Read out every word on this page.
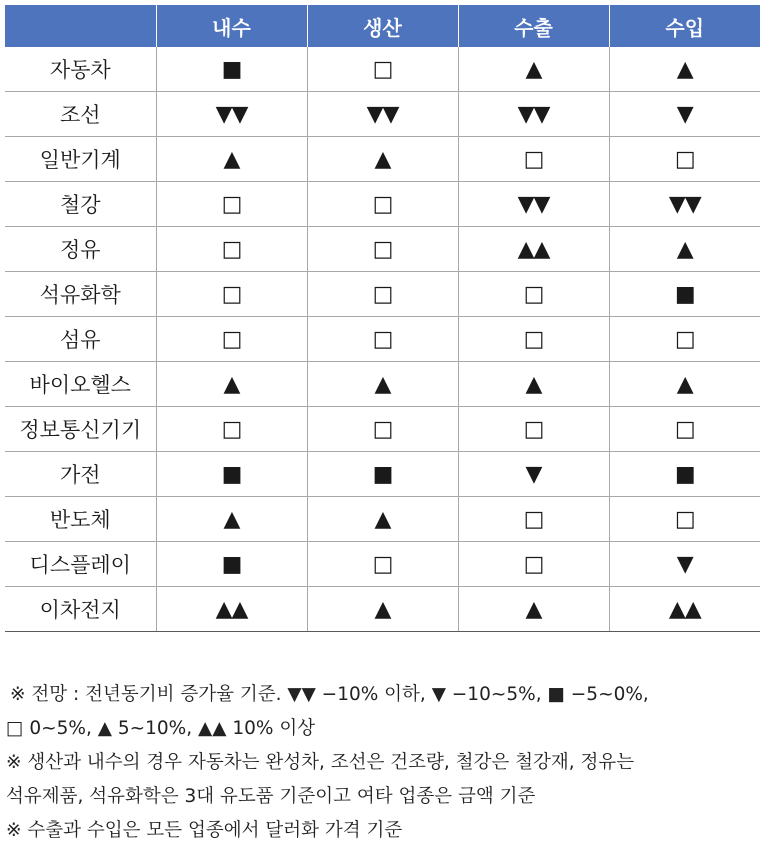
	내수	생산	수출	수입
자동차	■	□	▲	▲
조선	▼▼	▼▼	▼▼	▼
일반기계	▲	▲	□	□
철강	□	□	▼▼	▼▼
정유	□	□	▲▲	▲
석유화학	□	□	□	■
섬유	□	□	□	□
바이오헬스	▲	▲	▲	▲
정보통신기기	□	□	□	□
가전	■	■	▼	■
반도체	▲	▲	□	□
디스플레이	■	□	□	▼
이차전지	▲▲	▲	▲	▲▲

※ 전망 : 전년동기비 증가율 기준. ▼▼ −10% 이하, ▼ −10~5%, ■ −5~0%,

□ 0~5%, ▲ 5~10%, ▲▲ 10% 이상

※ 생산과 내수의 경우 자동차는 완성차, 조선은 건조량, 철강은 철강재, 정유는

석유제품, 석유화학은 3대 유도품 기준이고 여타 업종은 금액 기준

※ 수출과 수입은 모든 업종에서 달러화 가격 기준
